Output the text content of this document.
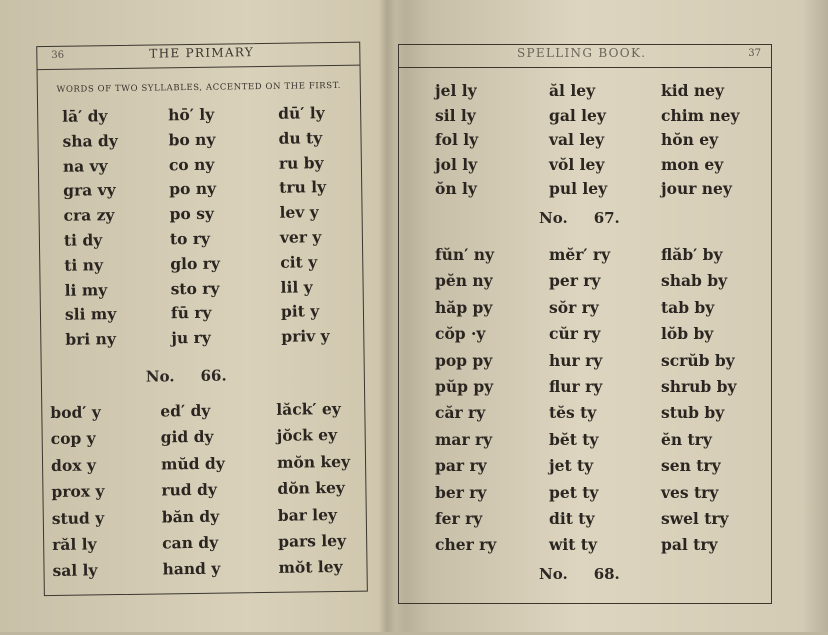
36	THE PRIMARY
WORDS OF TWO SYLLABLES, ACCENTED ON THE FIRST.
lā′ dy	hō′ ly	dū′ ly
sha dy	bo ny	du ty
na vy	co ny	ru by
gra vy	po ny	tru ly
cra zy	po sy	lev y
ti dy	to ry	ver y
ti ny	glo ry	cit y
li my	sto ry	lil y
sli my	fū ry	pit y
bri ny	ju ry	priv y
No. 66.
bod′ y	ed′ dy	lăck′ ey
cop y	gid dy	jŏck ey
dox y	mŭd dy	mŏn key
prox y	rud dy	dŏn key
stud y	băn dy	bar ley
răl ly	can dy	pars ley
sal ly	hand y	mŏt ley
SPELLING BOOK.	37
jel ly	ăl ley	kid ney
sil ly	gal ley	chim ney
fol ly	val ley	hŏn ey
jol ly	vŏl ley	mon ey
ŏn ly	pul ley	jour ney
No. 67.
fŭn′ ny	mĕr′ ry	flăb′ by
pĕn ny	per ry	shab by
hăp py	sŏr ry	tab by
cŏp ·y	cŭr ry	lŏb by
pop py	hur ry	scrŭb by
pŭp py	flur ry	shrub by
căr ry	tĕs ty	stub by
mar ry	bĕt ty	ĕn try
par ry	jet ty	sen try
ber ry	pet ty	ves try
fer ry	dit ty	swel try
cher ry	wit ty	pal try
No. 68.
